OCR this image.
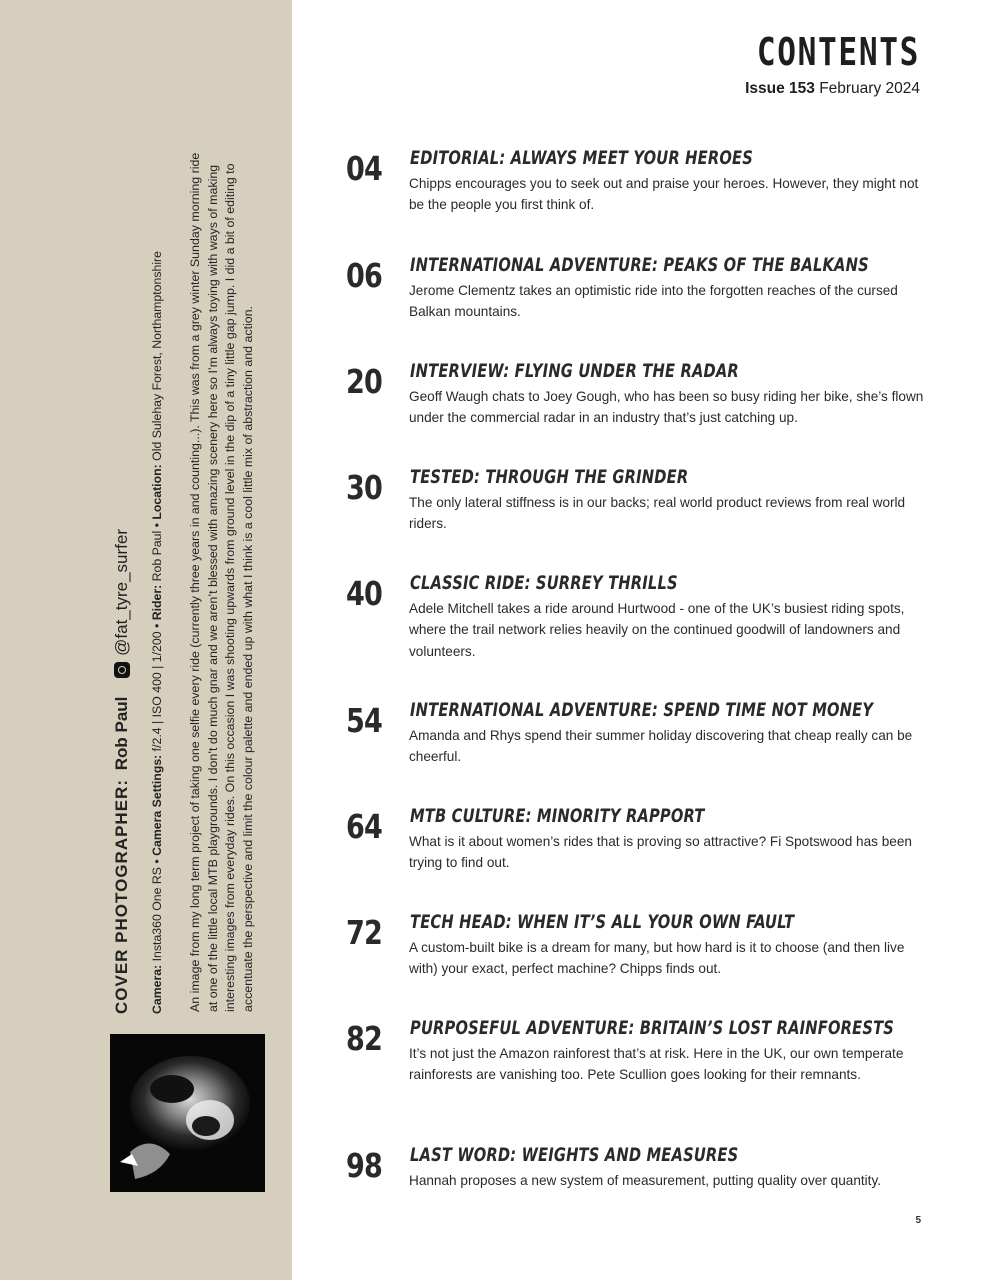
COVER PHOTOGRAPHER: Rob Paul @fat_tyre_surfer
Camera: Insta360 One RS • Camera Settings: f/2.4 | ISO 400 | 1/200 • Rider: Rob Paul • Location: Old Sulehay Forest, Northamptonshire An image from my long term project of taking one selfie every ride (currently three years in and counting...). This was from a grey winter Sunday morning ride at one of the little local MTB playgrounds. I don’t do much gnar and we aren’t blessed with amazing scenery here so I’m always toying with ways of making interesting images from everyday rides. On this occasion I was shooting upwards from ground level in the dip of a tiny little gap jump. I did a bit of editing to accentuate the perspective and limit the colour palette and ended up with what I think is a cool little mix of abstraction and action.
CONTENTS
Issue 153 February 2024
04	EDITORIAL: ALWAYS MEET YOUR HEROES
Chipps encourages you to seek out and praise your heroes. However, they might not be the people you first think of.
06	INTERNATIONAL ADVENTURE: PEAKS OF THE BALKANS
Jerome Clementz takes an optimistic ride into the forgotten reaches of the cursed Balkan mountains.
20	INTERVIEW: FLYING UNDER THE RADAR
Geoff Waugh chats to Joey Gough, who has been so busy riding her bike, she’s flown under the commercial radar in an industry that’s just catching up.
30	TESTED: THROUGH THE GRINDER
The only lateral stiffness is in our backs; real world product reviews from real world riders.
40	CLASSIC RIDE: SURREY THRILLS
Adele Mitchell takes a ride around Hurtwood - one of the UK’s busiest riding spots, where the trail network relies heavily on the continued goodwill of landowners and volunteers.
54	INTERNATIONAL ADVENTURE: SPEND TIME NOT MONEY
Amanda and Rhys spend their summer holiday discovering that cheap really can be cheerful.
64	MTB CULTURE: MINORITY RAPPORT
What is it about women’s rides that is proving so attractive? Fi Spotswood has been trying to find out.
72	TECH HEAD: WHEN IT’S ALL YOUR OWN FAULT
A custom-built bike is a dream for many, but how hard is it to choose (and then live with) your exact, perfect machine? Chipps finds out.
82	PURPOSEFUL ADVENTURE: BRITAIN’S LOST RAINFORESTS
It’s not just the Amazon rainforest that’s at risk. Here in the UK, our own temperate rainforests are vanishing too. Pete Scullion goes looking for their remnants.
98	LAST WORD: WEIGHTS AND MEASURES
Hannah proposes a new system of measurement, putting quality over quantity.
5
